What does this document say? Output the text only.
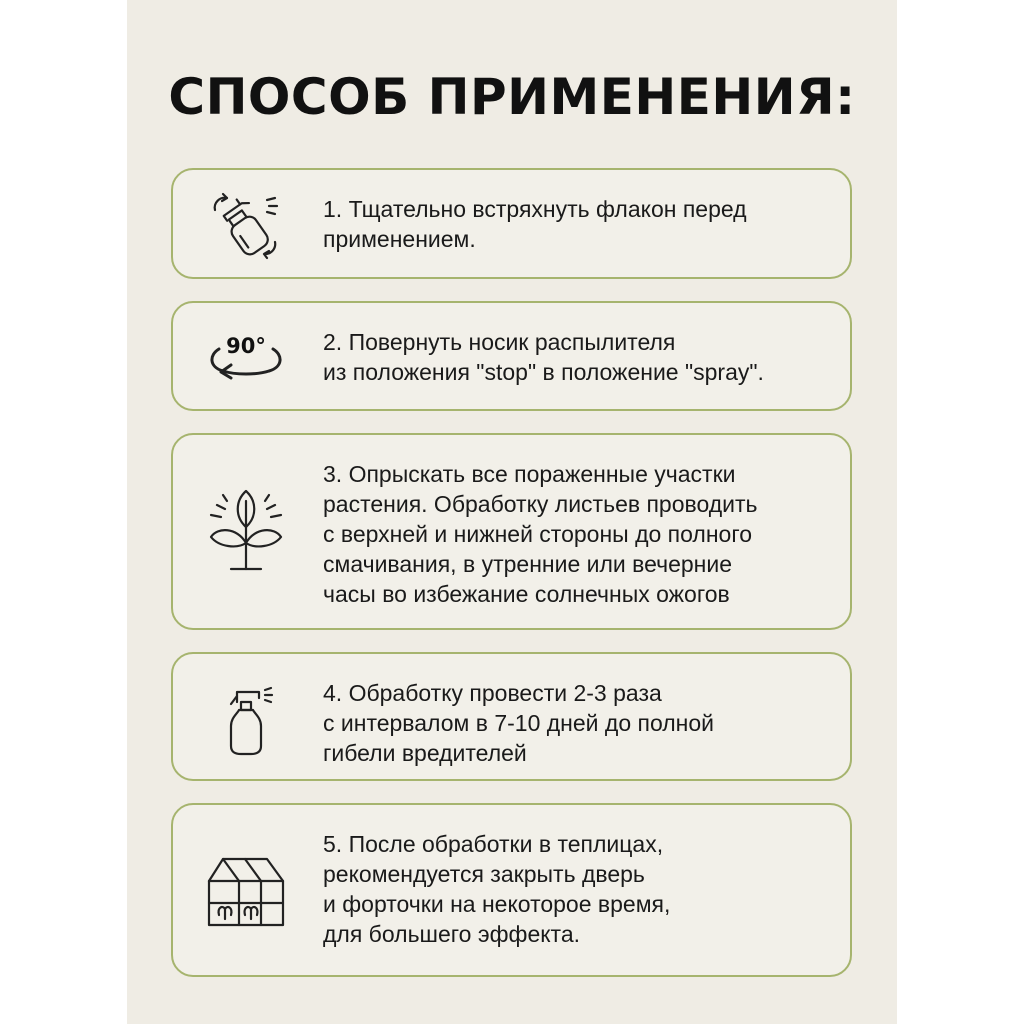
СПОСОБ ПРИМЕНЕНИЯ:
1. Тщательно встряхнуть флакон перед
применением.
90° 2. Повернуть носик распылителя
из положения "stop" в положение "spray".
3. Опрыскать все пораженные участки
растения. Обработку листьев проводить
с верхней и нижней стороны до полного
смачивания, в утренние или вечерние
часы во избежание солнечных ожогов
4. Обработку провести 2-3 раза
с интервалом в 7-10 дней до полной
гибели вредителей
5. После обработки в теплицах,
рекомендуется закрыть дверь
и форточки на некоторое время,
для большего эффекта.
